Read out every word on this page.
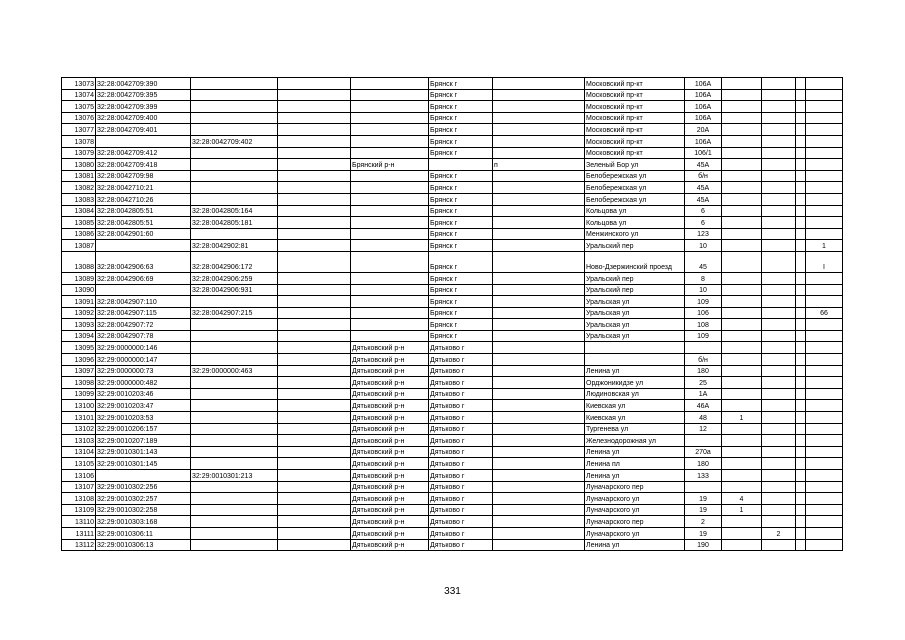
13073	32:28:0042709:390				Брянск г		Московский пр-кт	106А				
13074	32:28:0042709:395				Брянск г		Московский пр-кт	106А				
13075	32:28:0042709:399				Брянск г		Московский пр-кт	106А				
13076	32:28:0042709:400				Брянск г		Московский пр-кт	106А				
13077	32:28:0042709:401				Брянск г		Московский пр-кт	20А				
13078		32:28:0042709:402			Брянск г		Московский пр-кт	106А				
13079	32:28:0042709:412				Брянск г		Московский пр-кт	106/1				
13080	32:28:0042709:418			Брянский р-н		п	Зеленый Бор ул	45А				
13081	32:28:0042709:98				Брянск г		Белобережская ул	б/н				
13082	32:28:0042710:21				Брянск г		Белобережская ул	45А				
13083	32:28:0042710:26				Брянск г		Белобережская ул	45А				
13084	32:28:0042805:51	32:28:0042805:164			Брянск г		Кольцова ул	6				
13085	32:28:0042805:51	32:28:0042805:181			Брянск г		Кольцова ул	6				
13086	32:28:0042901:60				Брянск г		Менжинского ул	123				
13087		32:28:0042902:81			Брянск г		Уральский пер	10				1
13088	32:28:0042906:63	32:28:0042906:172			Брянск г		Ново-Дзержинский проезд	45				I
13089	32:28:0042906:69	32:28:0042906:259			Брянск г		Уральский пер	8				
13090		32:28:0042906:931			Брянск г		Уральский пер	10				
13091	32:28:0042907:110				Брянск г		Уральская ул	109				
13092	32:28:0042907:115	32:28:0042907:215			Брянск г		Уральская ул	106				66
13093	32:28:0042907:72				Брянск г		Уральская ул	108				
13094	32:28:0042907:78				Брянск г		Уральская ул	109				
13095	32:29:0000000:146			Дятьковский р-н	Дятьково г							
13096	32:29:0000000:147			Дятьковский р-н	Дятьково г			б/н				
13097	32:29:0000000:73	32:29:0000000:463		Дятьковский р-н	Дятьково г		Ленина ул	180				
13098	32:29:0000000:482			Дятьковский р-н	Дятьково г		Орджоникидзе ул	25				
13099	32:29:0010203:46			Дятьковский р-н	Дятьково г		Людиновская ул	1А				
13100	32:29:0010203:47			Дятьковский р-н	Дятьково г		Киевская ул	46А				
13101	32:29:0010203:53			Дятьковский р-н	Дятьково г		Киевская ул	48	1			
13102	32:29:0010206:157			Дятьковский р-н	Дятьково г		Тургенева ул	12				
13103	32:29:0010207:189			Дятьковский р-н	Дятьково г		Железнодорожная ул					
13104	32:29:0010301:143			Дятьковский р-н	Дятьково г		Ленина ул	270а				
13105	32:29:0010301:145			Дятьковский р-н	Дятьково г		Ленина пл	180				
13106		32:29:0010301:213		Дятьковский р-н	Дятьково г		Ленина ул	133				
13107	32:29:0010302:256			Дятьковский р-н	Дятьково г		Луначарского пер					
13108	32:29:0010302:257			Дятьковский р-н	Дятьково г		Луначарского ул	19	4			
13109	32:29:0010302:258			Дятьковский р-н	Дятьково г		Луначарского ул	19	1			
13110	32:29:0010303:168			Дятьковский р-н	Дятьково г		Луначарского пер	2				
13111	32:29:0010306:11			Дятьковский р-н	Дятьково г		Луначарского ул	19		2		
13112	32:29:0010306:13			Дятьковский р-н	Дятьково г		Ленина ул	190				
331
